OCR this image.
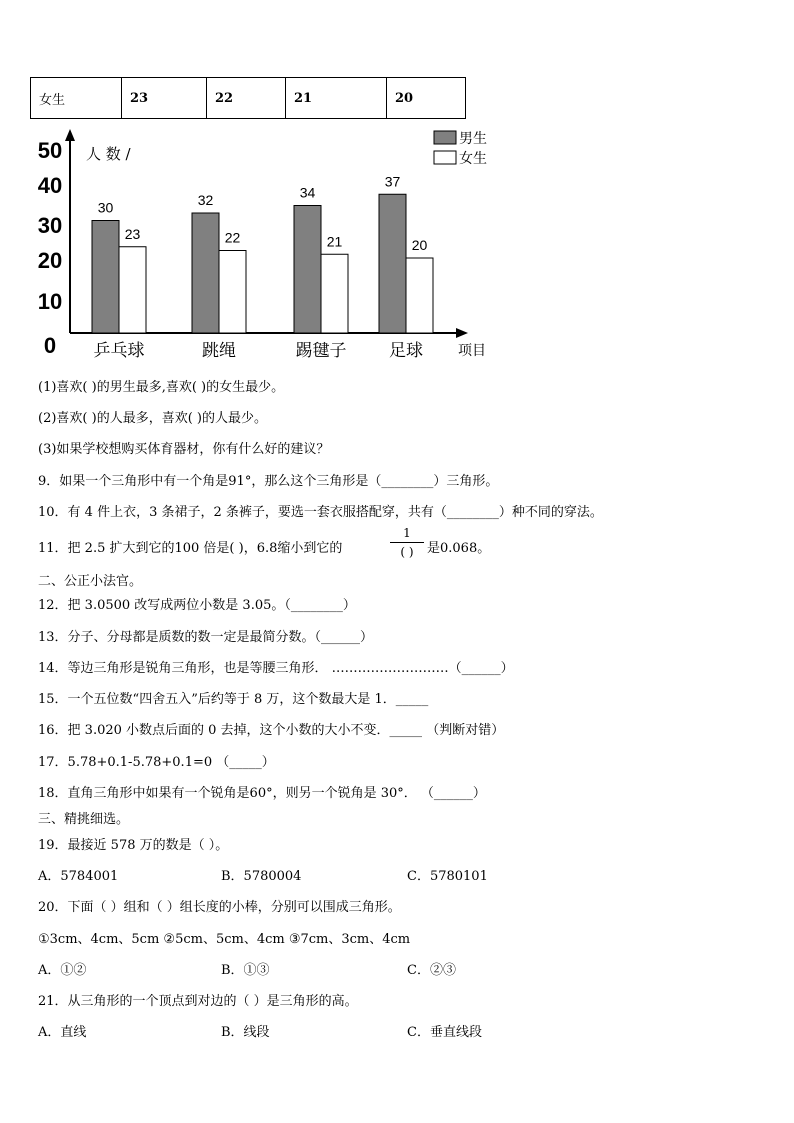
女生	23	22	21	20
0
10
20
30
40
50 人 数 /
项目
30
23
乒乓球
32
22
跳绳
34
21
踢毽子
37
20
足球
男生
女生
(1)喜欢( )的男生最多,喜欢( )的女生最少。
(2)喜欢( )的人最多，喜欢( )的人最少。
(3)如果学校想购买体育器材，你有什么好的建议？
9．如果一个三角形中有一个角是91°，那么这个三角形是（________）三角形。
10．有 4 件上衣，3 条裙子，2 条裤子，要选一套衣服搭配穿，共有（________）种不同的穿法。
11．把 2.5 扩大到它的100 倍是( )，6.8缩小到它的
1
( )	是0.068。
二、公正小法官。
12．把 3.0500 改写成两位小数是 3.05。（________）
13．分子、分母都是质数的数一定是最简分数。（______）
14．等边三角形是锐角三角形，也是等腰三角形． ………………………（______）
15．一个五位数“四舍五入”后约等于 8 万，这个数最大是 1．_____
16．把 3.020 小数点后面的 0 去掉，这个小数的大小不变．_____ （判断对错）
17．5.78+0.1-5.78+0.1=0 （_____）
18．直角三角形中如果有一个锐角是60°，则另一个锐角是 30°． （______）
三、精挑细选。
19．最接近 578 万的数是（ ）。
A．5784001	B．5780004	C．5780101
20．下面（ ）组和（ ）组长度的小棒，分别可以围成三角形。
①3cm、4cm、5cm ②5cm、5cm、4cm ③7cm、3cm、4cm
A．①②	B．①③	C．②③
21．从三角形的一个顶点到对边的（ ）是三角形的高。
A．直线	B．线段	C．垂直线段
